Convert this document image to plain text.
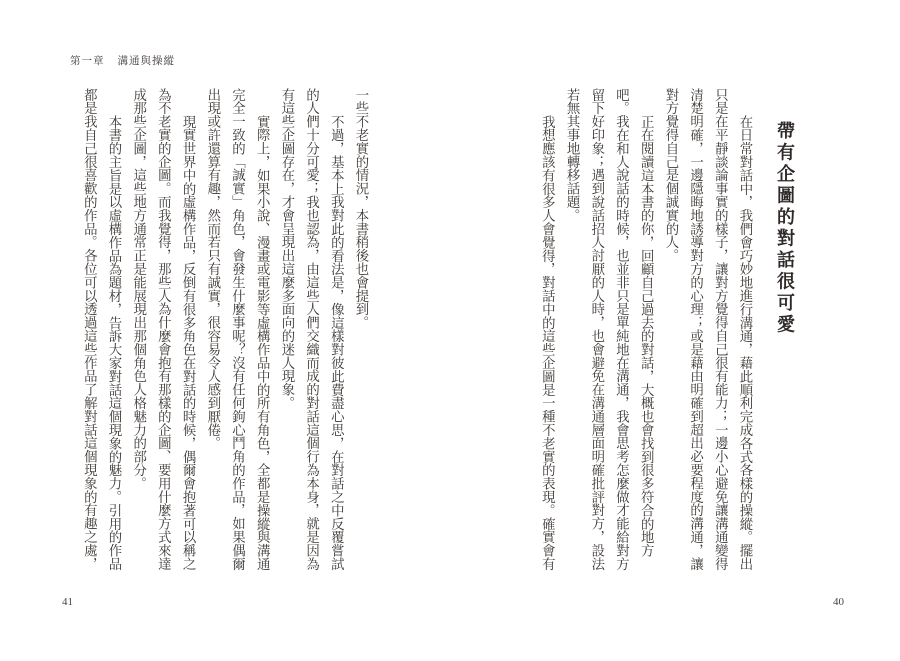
第一章 溝通與操縱
帶有企圖的對話很可愛

在日常對話中，我們會巧妙地進行溝通，藉此順利完成各式各樣的操縱。擺出只是在平靜談論事實的樣子，讓對方覺得自己很有能力；一邊小心避免讓溝通變得清楚明確，一邊隱晦地誘導對方的心理；或是藉由明確到超出必要程度的溝通，讓對方覺得自己是個誠實的人。

正在閱讀這本書的你，回顧自己過去的對話，大概也會找到很多符合的地方吧。我在和人說話的時候，也並非只是單純地在溝通，我會思考怎麼做才能給對方留下好印象；遇到說話招人討厭的人時，也會避免在溝通層面明確批評對方，設法若無其事地轉移話題。

我想應該有很多人會覺得，對話中的這些企圖是一種不老實的表現。確實會有

一些不老實的情況，本書稍後也會提到。

不過，基本上我對此的看法是，像這樣對彼此費盡心思，在對話之中反覆嘗試的人們十分可愛；我也認為，由這些人們交織而成的對話這個行為本身，就是因為有這些企圖存在，才會呈現出這麼多面向的迷人現象。

實際上，如果小說、漫畫或電影等虛構作品中的所有角色，全都是操縱與溝通完全一致的「誠實」角色，會發生什麼事呢？沒有任何鉤心鬥角的作品，如果偶爾出現或許還算有趣，然而若只有誠實，很容易令人感到厭倦。

現實世界中的虛構作品，反倒有很多角色在對話的時候，偶爾會抱著可以稱之為不老實的企圖。而我覺得，那些人為什麼會抱有那樣的企圖、要用什麼方式來達成那些企圖，這些地方通常正是能展現出那個角色人格魅力的部分。

本書的主旨是以虛構作品為題材，告訴大家對話這個現象的魅力。引用的作品都是我自己很喜歡的作品。各位可以透過這些作品了解對話這個現象的有趣之處，

41	40
